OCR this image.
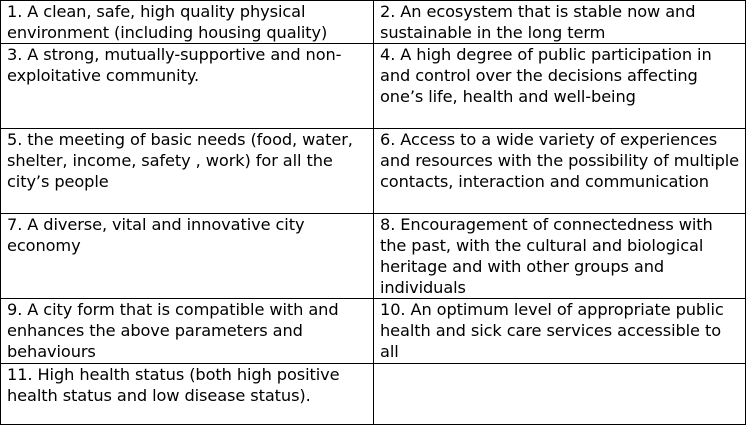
1. A clean, safe, high quality physical environment (including housing quality)	2. An ecosystem that is stable now and sustainable in the long term

3. A strong, mutually-supportive and non-exploitative community.	4. A high degree of public participation in and control over the decisions affecting one’s life, health and well-being

5. the meeting of basic needs (food, water, shelter, income, safety , work) for all the city’s people	6. Access to a wide variety of experiences and resources with the possibility of multiple contacts, interaction and communication

7. A diverse, vital and innovative city economy	8. Encouragement of connectedness with the past, with the cultural and biological heritage and with other groups and individuals

9. A city form that is compatible with and enhances the above parameters and behaviours	10. An optimum level of appropriate public health and sick care services accessible to all

11. High health status (both high positive health status and low disease status).	
